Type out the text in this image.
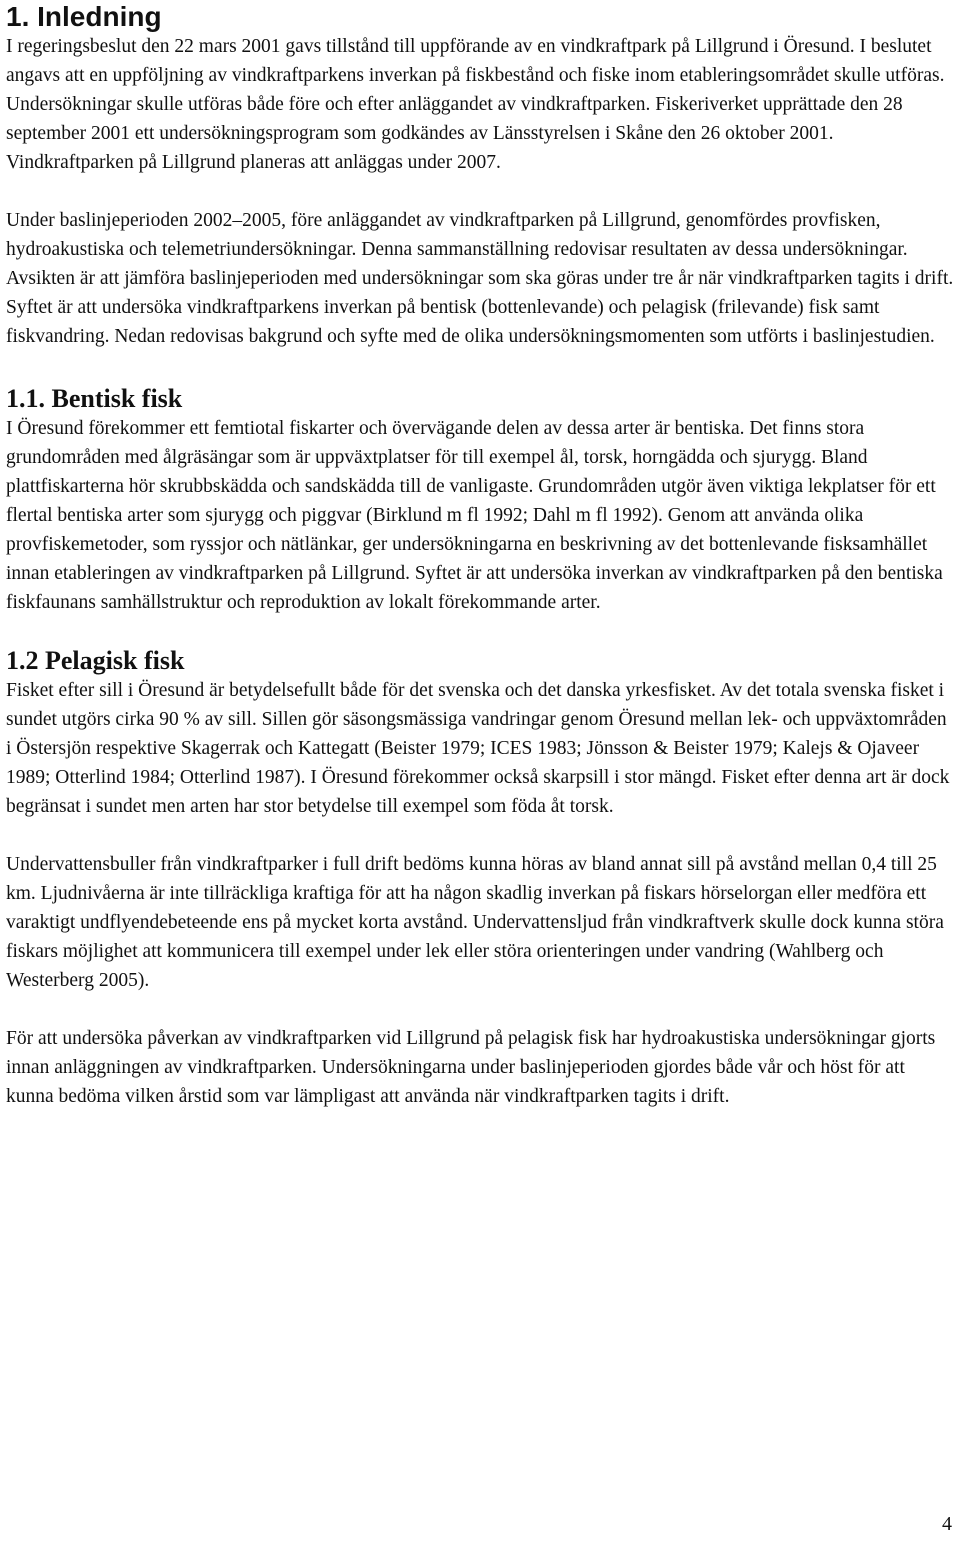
1. Inledning

I regeringsbeslut den 22 mars 2001 gavs tillstånd till uppförande av en vindkraftpark på Lillgrund i Öresund. I beslutet angavs att en uppföljning av vindkraftparkens inverkan på fiskbestånd och fiske inom etableringsområdet skulle utföras. Undersökningar skulle utföras både före och efter anläggandet av vindkraftparken. Fiskeriverket upprättade den 28 september 2001 ett undersökningsprogram som godkändes av Länsstyrelsen i Skåne den 26 oktober 2001. Vindkraftparken på Lillgrund planeras att anläggas under 2007.

Under baslinjeperioden 2002–2005, före anläggandet av vindkraftparken på Lillgrund, genomfördes provfisken, hydroakustiska och telemetriundersökningar. Denna sammanställning redovisar resultaten av dessa undersökningar. Avsikten är att jämföra baslinjeperioden med undersökningar som ska göras under tre år när vindkraftparken tagits i drift. Syftet är att undersöka vindkraftparkens inverkan på bentisk (bottenlevande) och pelagisk (frilevande) fisk samt fiskvandring. Nedan redovisas bakgrund och syfte med de olika undersökningsmomenten som utförts i baslinjestudien.

1.1. Bentisk fisk

I Öresund förekommer ett femtiotal fiskarter och övervägande delen av dessa arter är bentiska. Det finns stora grundområden med ålgräsängar som är uppväxtplatser för till exempel ål, torsk, horngädda och sjurygg. Bland plattfiskarterna hör skrubbskädda och sandskädda till de vanligaste. Grundområden utgör även viktiga lekplatser för ett flertal bentiska arter som sjurygg och piggvar (Birklund m fl 1992; Dahl m fl 1992). Genom att använda olika provfiskemetoder, som ryssjor och nätlänkar, ger undersökningarna en beskrivning av det bottenlevande fisksamhället innan etableringen av vindkraftparken på Lillgrund. Syftet är att undersöka inverkan av vindkraftparken på den bentiska fiskfaunans samhällstruktur och reproduktion av lokalt förekommande arter.

1.2 Pelagisk fisk

Fisket efter sill i Öresund är betydelsefullt både för det svenska och det danska yrkesfisket. Av det totala svenska fisket i sundet utgörs cirka 90 % av sill. Sillen gör säsongsmässiga vandringar genom Öresund mellan lek- och uppväxtområden i Östersjön respektive Skagerrak och Kattegatt (Beister 1979; ICES 1983; Jönsson & Beister 1979; Kalejs & Ojaveer 1989; Otterlind 1984; Otterlind 1987). I Öresund förekommer också skarpsill i stor mängd. Fisket efter denna art är dock begränsat i sundet men arten har stor betydelse till exempel som föda åt torsk.

Undervattensbuller från vindkraftparker i full drift bedöms kunna höras av bland annat sill på avstånd mellan 0,4 till 25 km. Ljudnivåerna är inte tillräckliga kraftiga för att ha någon skadlig inverkan på fiskars hörselorgan eller medföra ett varaktigt undflyendebeteende ens på mycket korta avstånd. Undervattensljud från vindkraftverk skulle dock kunna störa fiskars möjlighet att kommunicera till exempel under lek eller störa orienteringen under vandring (Wahlberg och Westerberg 2005).

För att undersöka påverkan av vindkraftparken vid Lillgrund på pelagisk fisk har hydroakustiska undersökningar gjorts innan anläggningen av vindkraftparken. Undersökningarna under baslinjeperioden gjordes både vår och höst för att kunna bedöma vilken årstid som var lämpligast att använda när vindkraftparken tagits i drift.

4
